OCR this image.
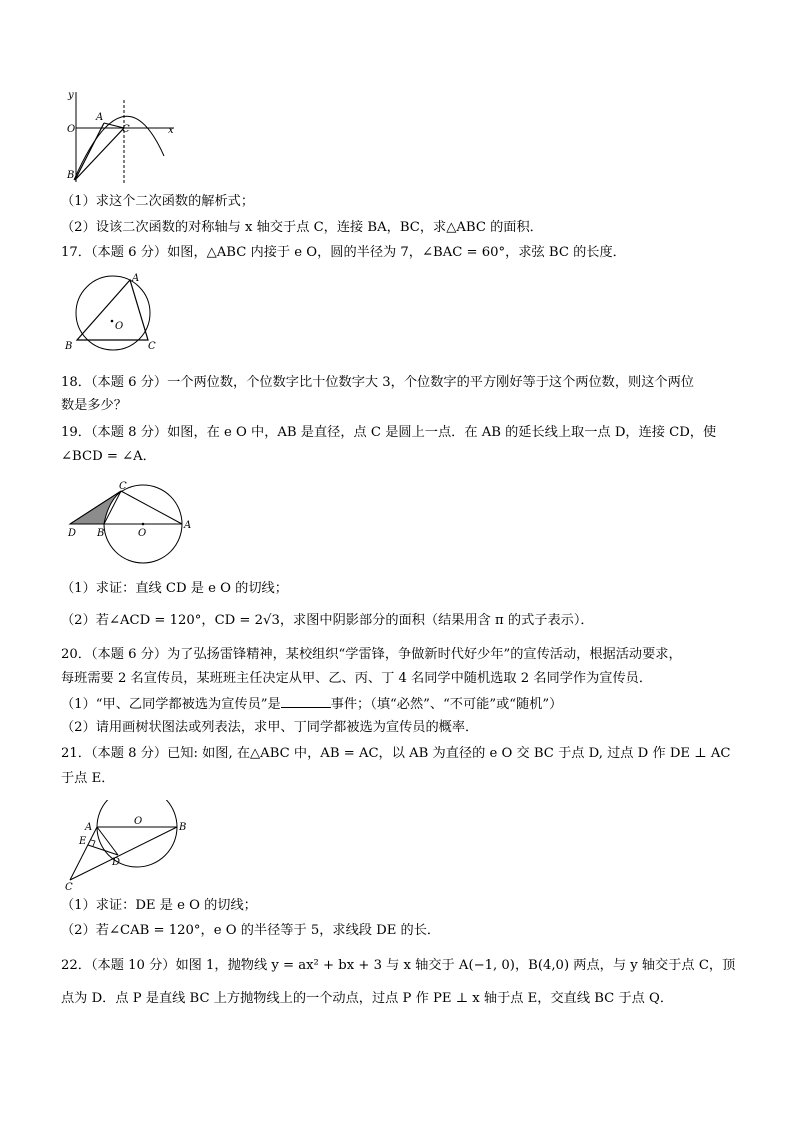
y
x
O
A
C
B
（1）求这个二次函数的解析式；
（2）设该二次函数的对称轴与 x 轴交于点 C，连接 BA，BC，求△ABC 的面积．
17．（本题 6 分）如图，△ABC 内接于 e O，圆的半径为 7，∠BAC = 60°，求弦 BC 的长度．
A
O
B	C
18．（本题 6 分）一个两位数，个位数字比十位数字大 3，个位数字的平方刚好等于这个两位数，则这个两位
数是多少？
19．（本题 8 分）如图，在 e O 中，AB 是直径，点 C 是圆上一点．在 AB 的延长线上取一点 D，连接 CD，使
∠BCD = ∠A．
C
D B	O
A
（1）求证：直线 CD 是 e O 的切线；
（2）若∠ACD = 120°，CD = 2√3，求图中阴影部分的面积（结果用含 π 的式子表示）．
20．（本题 6 分）为了弘扬雷锋精神，某校组织“学雷锋，争做新时代好少年”的宣传活动，根据活动要求，
每班需要 2 名宣传员，某班班主任决定从甲、乙、丙、丁 4 名同学中随机选取 2 名同学作为宣传员．
（1）“甲、乙同学都被选为宣传员”是	事件；（填“必然”、“不可能”或“随机”）
（2）请用画树状图法或列表法，求甲、丁同学都被选为宣传员的概率．
21．（本题 8 分）已知: 如图, 在△ABC 中，AB = AC，以 AB 为直径的 e O 交 BC 于点 D, 过点 D 作 DE ⊥ AC
于点 E．
A
O
B
E
D
C
（1）求证：DE 是 e O 的切线；
（2）若∠CAB = 120°，e O 的半径等于 5，求线段 DE 的长．
22．（本题 10 分）如图 1，抛物线 y = ax² + bx + 3 与 x 轴交于 A(−1, 0)，B(4,0) 两点，与 y 轴交于点 C，顶
点为 D．点 P 是直线 BC 上方抛物线上的一个动点，过点 P 作 PE ⊥ x 轴于点 E，交直线 BC 于点 Q．
